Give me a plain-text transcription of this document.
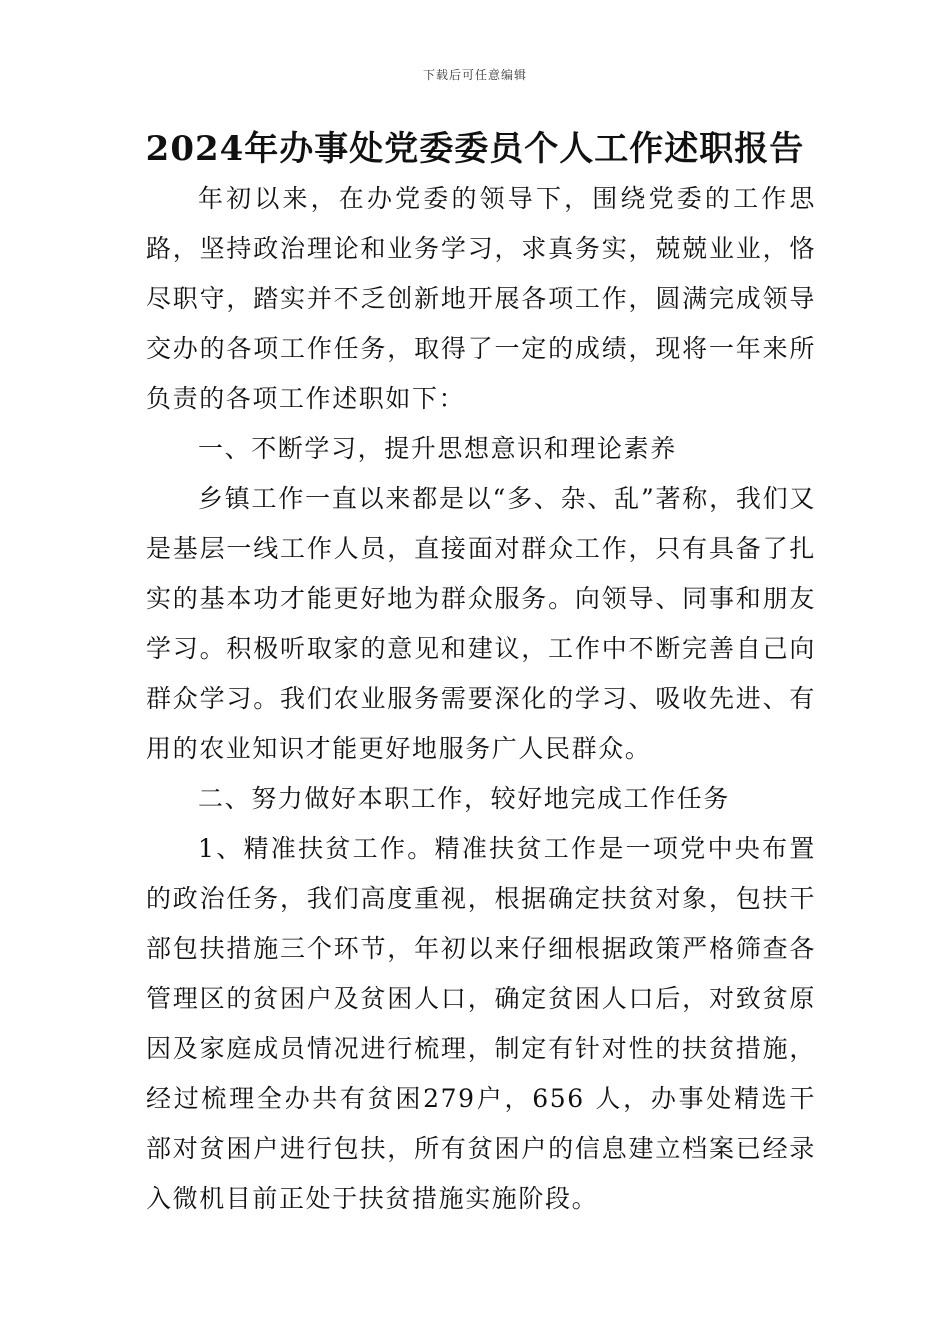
下载后可任意编辑
2024年办事处党委委员个人工作述职报告

年初以来，在办党委的领导下，围绕党委的工作思路，坚持政治理论和业务学习，求真务实，兢兢业业，恪尽职守，踏实并不乏创新地开展各项工作，圆满完成领导交办的各项工作任务，取得了一定的成绩，现将一年来所负责的各项工作述职如下：

一、不断学习，提升思想意识和理论素养

乡镇工作一直以来都是以“多、杂、乱”著称，我们又是基层一线工作人员，直接面对群众工作，只有具备了扎实的基本功才能更好地为群众服务。向领导、同事和朋友学习。积极听取家的意见和建议，工作中不断完善自己向群众学习。我们农业服务需要深化的学习、吸收先进、有用的农业知识才能更好地服务广人民群众。

二、努力做好本职工作，较好地完成工作任务

1、精准扶贫工作。精准扶贫工作是一项党中央布置的政治任务，我们高度重视，根据确定扶贫对象，包扶干部包扶措施三个环节，年初以来仔细根据政策严格筛查各管理区的贫困户及贫困人口，确定贫困人口后，对致贫原因及家庭成员情况进行梳理，制定有针对性的扶贫措施，经过梳理全办共有贫困279户，656 人，办事处精选干部对贫困户进行包扶，所有贫困户的信息建立档案已经录入微机目前正处于扶贫措施实施阶段。
